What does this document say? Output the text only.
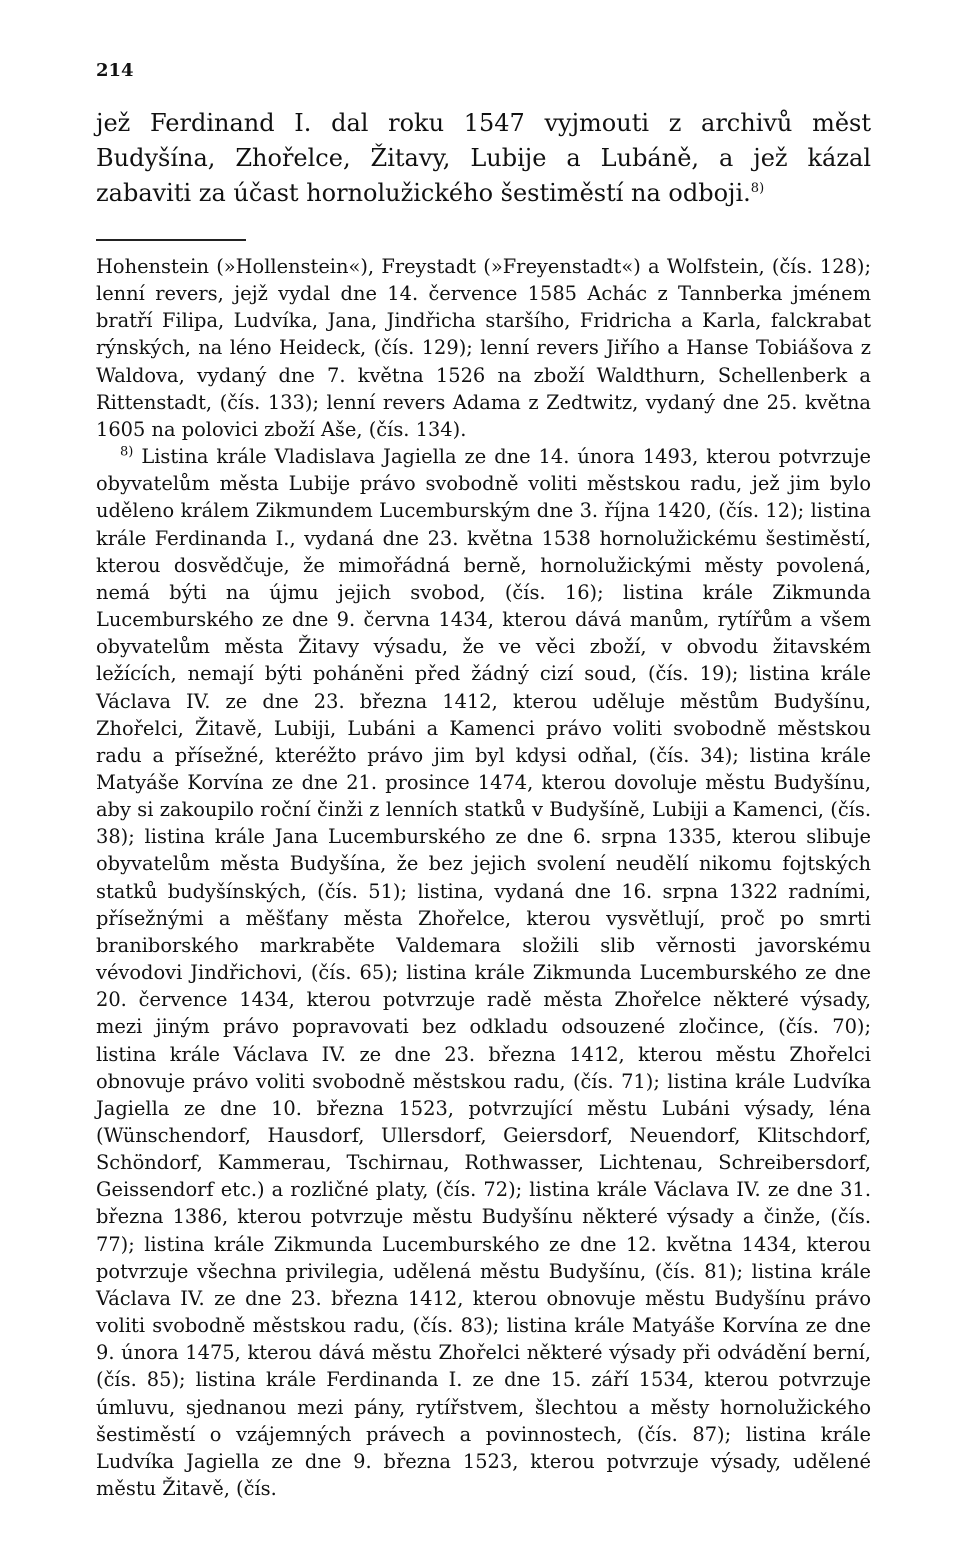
214

jež Ferdinand I. dal roku 1547 vyjmouti z archivů měst Budyšína, Zhořelce, Žitavy, Lubije a Lubáně, a jež kázal zabaviti za účast hornolužického šestiměstí na odboji.$^{8)}$

Hohenstein (»Hollenstein«), Freystadt (»Freyenstadt«) a Wolfstein, (čís. 128); lenní revers, jejž vydal dne 14. července 1585 Achác z Tannberka jménem bratří Filipa, Ludvíka, Jana, Jindřicha staršího, Fridricha a Karla, falckrabat rýnských, na léno Heideck, (čís. 129); lenní revers Jiřího a Hanse Tobiášova z Waldova, vydaný dne 7. května 1526 na zboží Waldthurn, Schellenberk a Rittenstadt, (čís. 133); lenní revers Adama z Zedtwitz, vydaný dne 25. května 1605 na polovici zboží Aše, (čís. 134).

$^{8)}$ Listina krále Vladislava Jagiella ze dne 14. února 1493, kterou potvrzuje obyvatelům města Lubije právo svobodně voliti městskou radu, jež jim bylo uděleno králem Zikmundem Lucemburským dne 3. října 1420, (čís. 12); listina krále Ferdinanda I., vydaná dne 23. května 1538 hornolužickému šestiměstí, kterou dosvědčuje, že mimořádná berně, hornolužickými městy povolená, nemá býti na újmu jejich svobod, (čís. 16); listina krále Zikmunda Lucemburského ze dne 9. června 1434, kterou dává manům, rytířům a všem obyvatelům města Žitavy výsadu, že ve věci zboží, v obvodu žitavském ležících, nemají býti poháněni před žádný cizí soud, (čís. 19); listina krále Václava IV. ze dne 23. března 1412, kterou uděluje městům Budyšínu, Zhořelci, Žitavě, Lubiji, Lubáni a Kamenci právo voliti svobodně městskou radu a přísežné, kteréžto právo jim byl kdysi odňal, (čís. 34); listina krále Matyáše Korvína ze dne 21. prosince 1474, kterou dovoluje městu Budyšínu, aby si zakoupilo roční činži z lenních statků v Budyšíně, Lubiji a Kamenci, (čís. 38); listina krále Jana Lucemburského ze dne 6. srpna 1335, kterou slibuje obyvatelům města Budyšína, že bez jejich svolení neudělí nikomu fojtských statků budyšínských, (čís. 51); listina, vydaná dne 16. srpna 1322 radními, přísežnými a měšťany města Zhořelce, kterou vysvětlují, proč po smrti braniborského markraběte Valdemara složili slib věrnosti javorskému vévodovi Jindřichovi, (čís. 65); listina krále Zikmunda Lucemburského ze dne 20. července 1434, kterou potvrzuje radě města Zhořelce některé výsady, mezi jiným právo popravovati bez odkladu odsouzené zločince, (čís. 70); listina krále Václava IV. ze dne 23. března 1412, kterou městu Zhořelci obnovuje právo voliti svobodně městskou radu, (čís. 71); listina krále Ludvíka Jagiella ze dne 10. března 1523, potvrzující městu Lubáni výsady, léna (Wünschendorf, Hausdorf, Ullersdorf, Geiersdorf, Neuendorf, Klitschdorf, Schöndorf, Kammerau, Tschirnau, Rothwasser, Lichtenau, Schreibersdorf, Geissendorf etc.) a rozličné platy, (čís. 72); listina krále Václava IV. ze dne 31. března 1386, kterou potvrzuje městu Budyšínu některé výsady a činže, (čís. 77); listina krále Zikmunda Lucemburského ze dne 12. května 1434, kterou potvrzuje všechna privilegia, udělená městu Budyšínu, (čís. 81); listina krále Václava IV. ze dne 23. března 1412, kterou obnovuje městu Budyšínu právo voliti svobodně městskou radu, (čís. 83); listina krále Matyáše Korvína ze dne 9. února 1475, kterou dává městu Zhořelci některé výsady při odvádění berní, (čís. 85); listina krále Ferdinanda I. ze dne 15. září 1534, kterou potvrzuje úmluvu, sjednanou mezi pány, rytířstvem, šlechtou a městy hornolužického šestiměstí o vzájemných právech a povinnostech, (čís. 87); listina krále Ludvíka Jagiella ze dne 9. března 1523, kterou potvrzuje výsady, udělené městu Žitavě, (čís.
